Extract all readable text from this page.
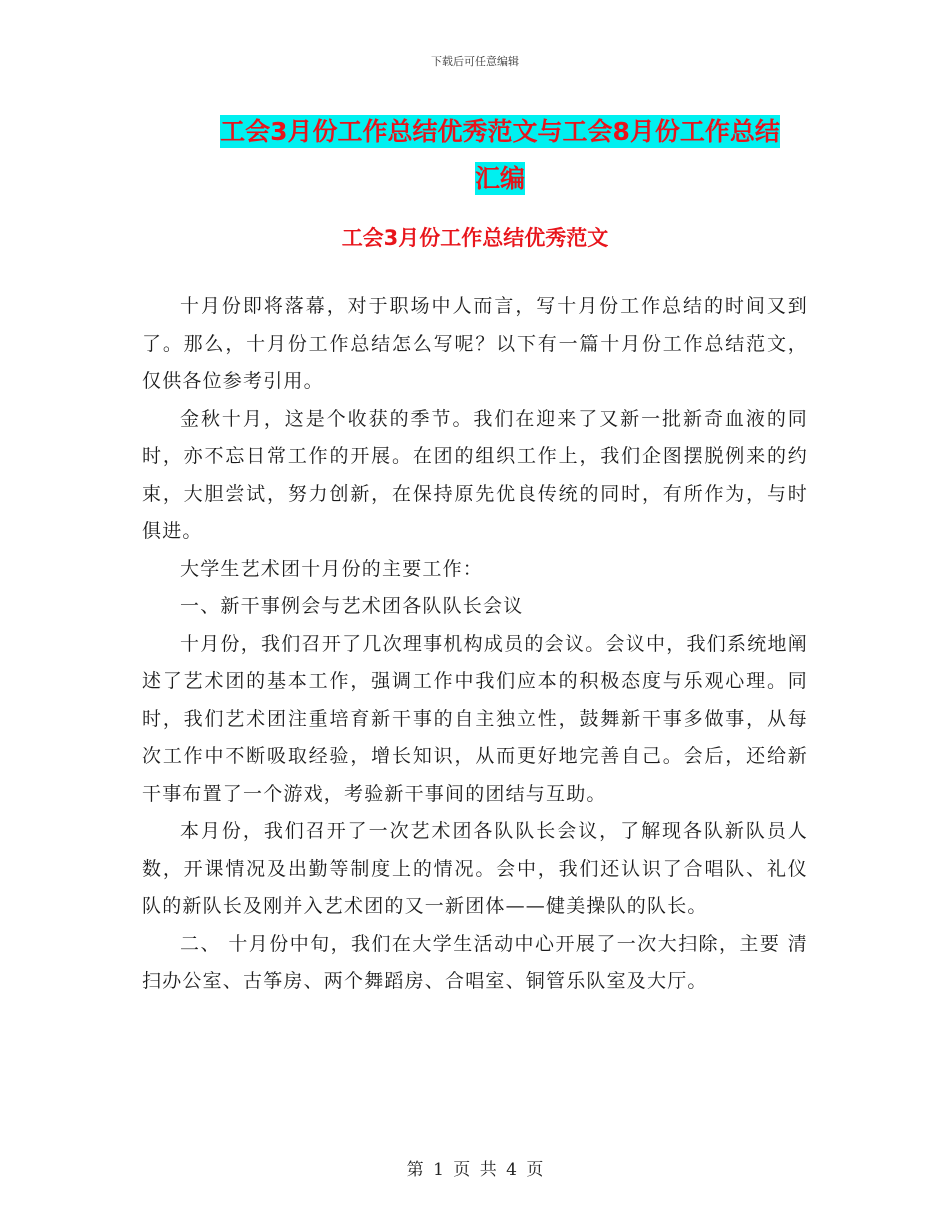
下载后可任意编辑
工会3月份工作总结优秀范文与工会8月份工作总结
汇编
工会3月份工作总结优秀范文

十月份即将落幕，对于职场中人而言，写十月份工作总结的时间又到了。那么，十月份工作总结怎么写呢？以下有一篇十月份工作总结范文，仅供各位参考引用。

金秋十月，这是个收获的季节。我们在迎来了又新一批新奇血液的同时，亦不忘日常工作的开展。在团的组织工作上，我们企图摆脱例来的约束，大胆尝试，努力创新，在保持原先优良传统的同时，有所作为，与时俱进。

大学生艺术团十月份的主要工作：

一、新干事例会与艺术团各队队长会议

十月份，我们召开了几次理事机构成员的会议。会议中，我们系统地阐述了艺术团的基本工作，强调工作中我们应本的积极态度与乐观心理。同时，我们艺术团注重培育新干事的自主独立性，鼓舞新干事多做事，从每次工作中不断吸取经验，增长知识，从而更好地完善自己。会后，还给新干事布置了一个游戏，考验新干事间的团结与互助。

本月份，我们召开了一次艺术团各队队长会议，了解现各队新队员人数，开课情况及出勤等制度上的情况。会中，我们还认识了合唱队、礼仪队的新队长及刚并入艺术团的又一新团体——健美操队的队长。

二、 十月份中旬，我们在大学生活动中心开展了一次大扫除，主要 清扫办公室、古筝房、两个舞蹈房、合唱室、铜管乐队室及大厅。

第 1 页 共 4 页
